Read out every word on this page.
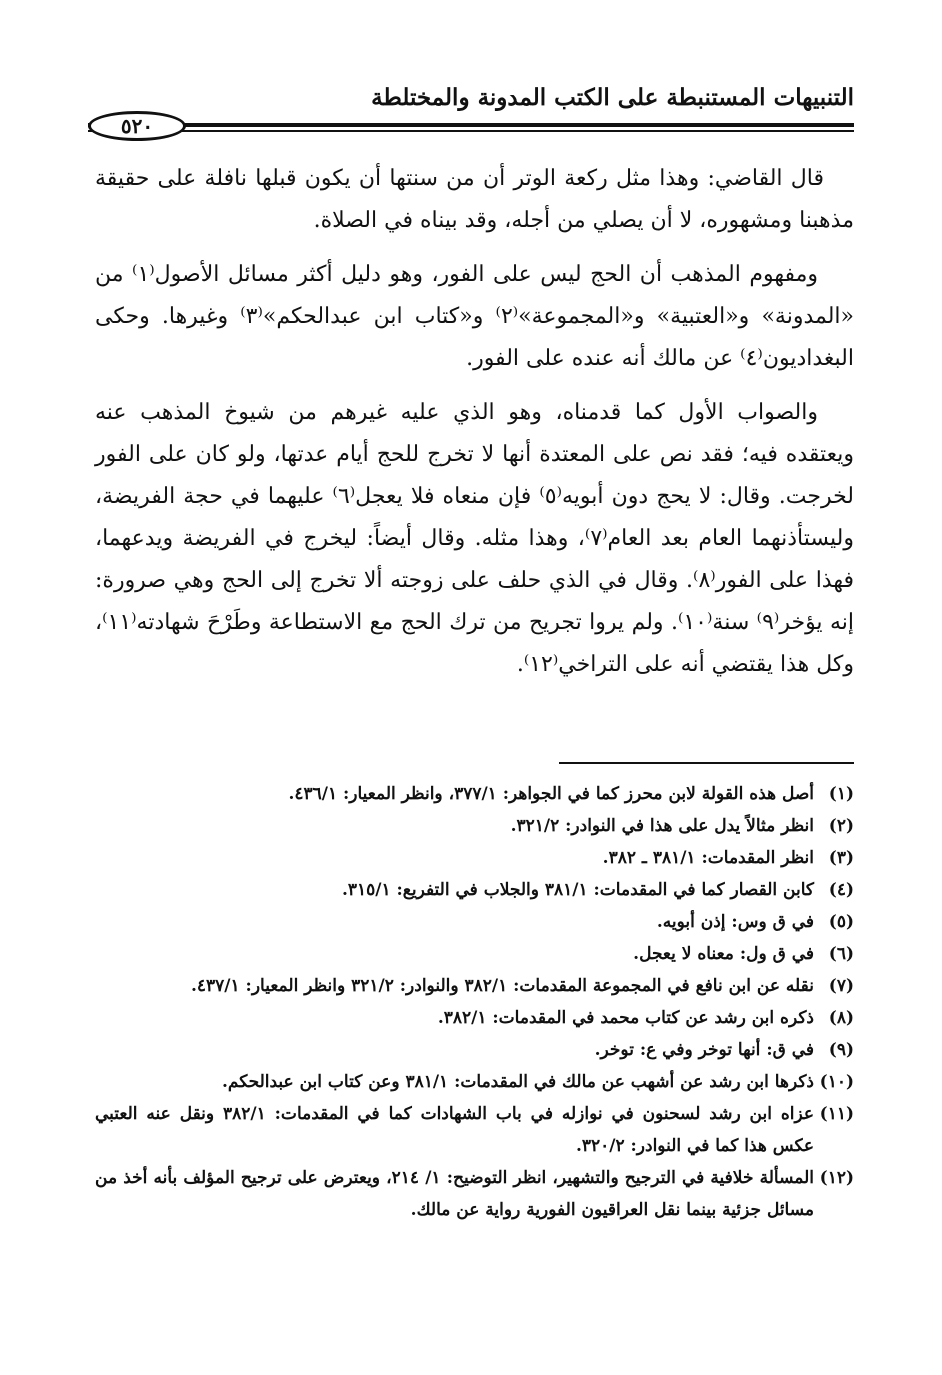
التنبيهات المستنبطة على الكتب المدونة والمختلطة
٥٢٠

قال القاضي: وهذا مثل ركعة الوتر أن من سنتها أن يكون قبلها نافلة على حقيقة مذهبنا ومشهوره، لا أن يصلي من أجله، وقد بيناه في الصلاة.

ومفهوم المذهب أن الحج ليس على الفور، وهو دليل أكثر مسائل الأصول⁽١⁾ من «المدونة» و«العتبية» و«المجموعة»⁽٢⁾ و«كتاب ابن عبدالحكم»⁽٣⁾ وغيرها. وحكى البغداديون⁽٤⁾ عن مالك أنه عنده على الفور.

والصواب الأول كما قدمناه، وهو الذي عليه غيرهم من شيوخ المذهب عنه ويعتقده فيه؛ فقد نص على المعتدة أنها لا تخرج للحج أيام عدتها، ولو كان على الفور لخرجت. وقال: لا يحج دون أبويه⁽٥⁾ فإن منعاه فلا يعجل⁽٦⁾ عليهما في حجة الفريضة، وليستأذنهما العام بعد العام⁽٧⁾، وهذا مثله. وقال أيضاً: ليخرج في الفريضة ويدعهما، فهذا على الفور⁽٨⁾. وقال في الذي حلف على زوجته ألا تخرج إلى الحج وهي صرورة: إنه يؤخر⁽٩⁾ سنة⁽١٠⁾. ولم يروا تجريح من ترك الحج مع الاستطاعة وطَرْحَ شهادته⁽١١⁾، وكل هذا يقتضي أنه على التراخي⁽١٢⁾.

(١)
أصل هذه القولة لابن محرز كما في الجواهر: ٣٧٧/١، وانظر المعيار: ٤٣٦/١.
(٢)
انظر مثالاً يدل على هذا في النوادر: ٣٢١/٢.
(٣)
انظر المقدمات: ٣٨١/١ ـ ٣٨٢.
(٤)
كابن القصار كما في المقدمات: ٣٨١/١ والجلاب في التفريع: ٣١٥/١.
(٥)
في ق وس: إذن أبويه.
(٦)
في ق ول: معناه لا يعجل.
(٧)
نقله عن ابن نافع في المجموعة المقدمات: ٣٨٢/١ والنوادر: ٣٢١/٢ وانظر المعيار: ٤٣٧/١.
(٨)
ذكره ابن رشد عن كتاب محمد في المقدمات: ٣٨٢/١.
(٩)
في ق: أنها توخر وفي ع: توخر.
(١٠)
ذكرها ابن رشد عن أشهب عن مالك في المقدمات: ٣٨١/١ وعن كتاب ابن عبدالحكم.
(١١)
عزاه ابن رشد لسحنون في نوازله في باب الشهادات كما في المقدمات: ٣٨٢/١ ونقل عنه العتبي عكس هذا كما في النوادر: ٣٢٠/٢.
(١٢)
المسألة خلافية في الترجيح والتشهير، انظر التوضيح: ١/ ٢١٤، ويعترض على ترجيح المؤلف بأنه أخذ من مسائل جزئية بينما نقل العراقيون الفورية رواية عن مالك.
